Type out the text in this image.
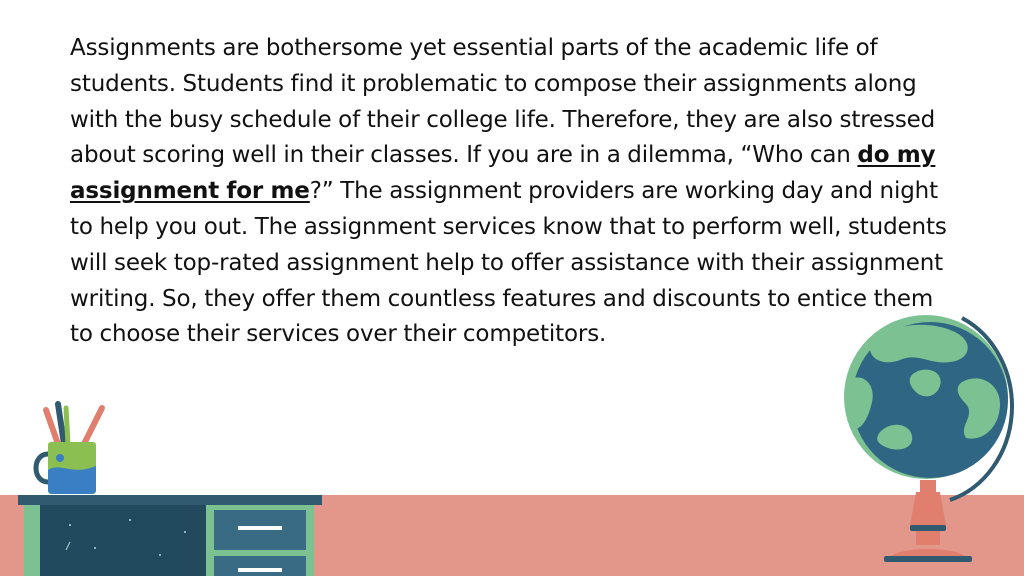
Assignments are bothersome yet essential parts of the academic life of students. Students find it problematic to compose their assignments along with the busy schedule of their college life. Therefore, they are also stressed about scoring well in their classes. If you are in a dilemma, “Who can do my assignment for me?” The assignment providers are working day and night to help you out. The assignment services know that to perform well, students will seek top-rated assignment help to offer assistance with their assignment writing. So, they offer them countless features and discounts to entice them to choose their services over their competitors.
